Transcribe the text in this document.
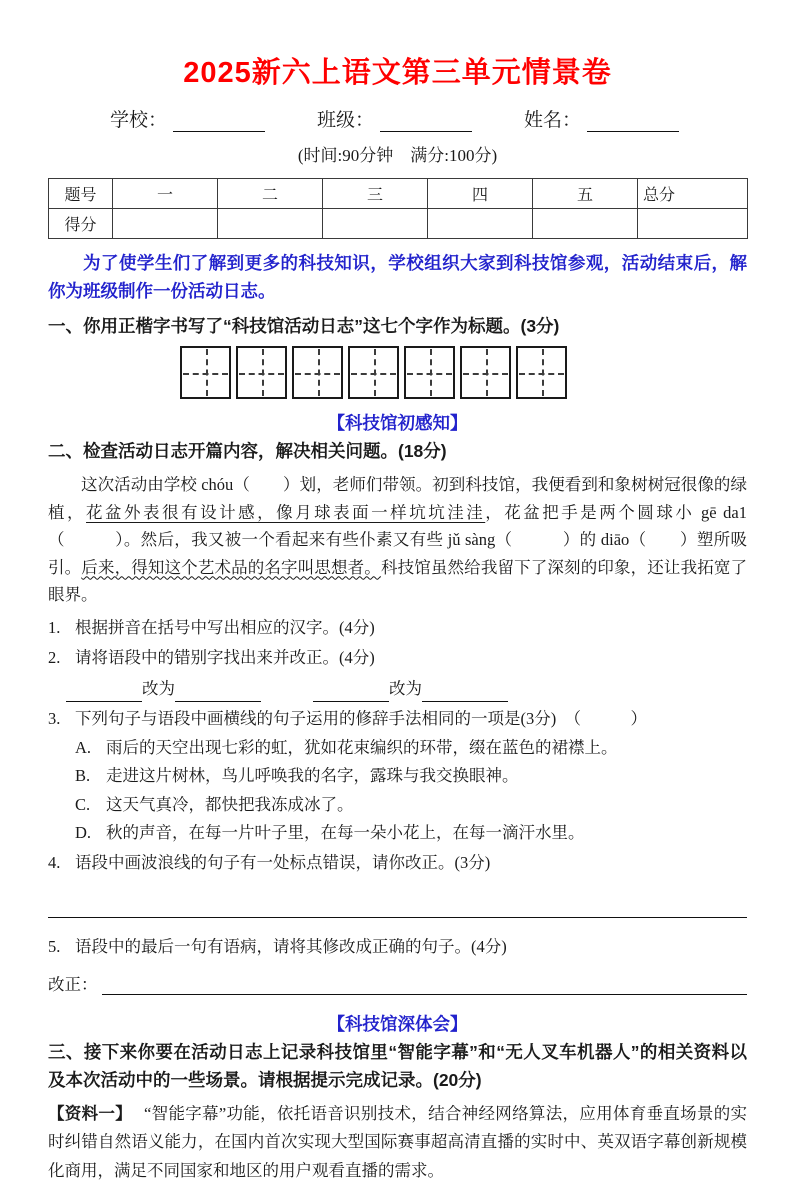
2025新六上语文第三单元情景卷
学校：	班级：	姓名：
(时间:90分钟　满分:100分)
题号	一	二	三	四	五	总分
得分						

为了使学生们了解到更多的科技知识，学校组织大家到科技馆参观，活动结束后，解你为班级制作一份活动日志。

一、你用正楷字书写了“科技馆活动日志”这七个字作为标题。(3分)
【科技馆初感知】
二、检查活动日志开篇内容，解决相关问题。(18分)

这次活动由学校 chóu（　　）划，老师们带领。初到科技馆，我便看到和象树树冠很像的绿植，花盆外表很有设计感，像月球表面一样坑坑洼洼，花盆把手是两个圆球小 gē da1（　　　）。然后，我又被一个看起来有些仆素又有些 jǔ sàng（　　　）的 diāo（　　）塑所吸引。后来，得知这个艺术品的名字叫思想者。科技馆虽然给我留下了深刻的印象，还让我拓宽了眼界。

1. 根据拼音在括号中写出相应的汉字。(4分)
2. 请将语段中的错别字找出来并改正。(4分)
改为	改为
3. 下列句子与语段中画横线的句子运用的修辞手法相同的一项是(3分)　（　　　）
A. 雨后的天空出现七彩的虹，犹如花束编织的环带，缀在蓝色的裙襟上。
B. 走进这片树林，鸟儿呼唤我的名字，露珠与我交换眼神。
C. 这天气真冷，都快把我冻成冰了。
D. 秋的声音，在每一片叶子里，在每一朵小花上，在每一滴汗水里。
4. 语段中画波浪线的句子有一处标点错误，请你改正。(3分)
5. 语段中的最后一句有语病，请将其修改成正确的句子。(4分)
改正：
【科技馆深体会】
三、接下来你要在活动日志上记录科技馆里“智能字幕”和“无人叉车机器人”的相关资料以及本次活动中的一些场景。请根据提示完成记录。(20分)

【资料一】 “智能字幕”功能，依托语音识别技术，结合神经网络算法，应用体育垂直场景的实时纠错自然语义能力，在国内首次实现大型国际赛事超高清直播的实时中、英双语字幕创新规模化商用，满足不同国家和地区的用户观看直播的需求。
